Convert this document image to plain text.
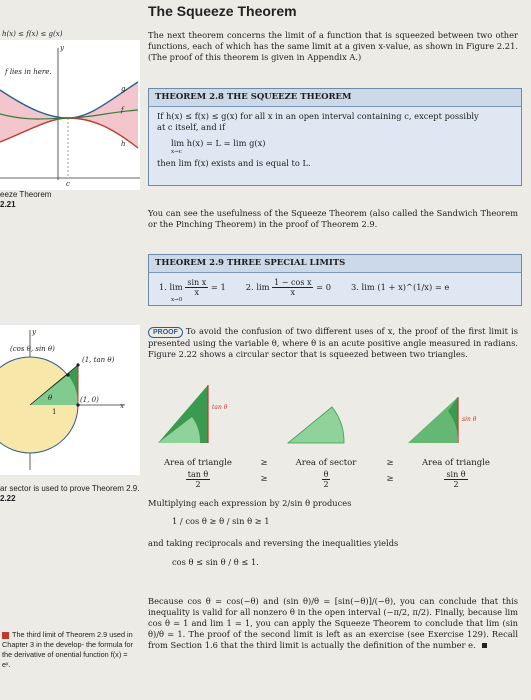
h(x) ≤ f(x) ≤ g(x)
y
f lies in here.
g
f
h
c
eeze Theorem
2.21
y
x
(cos θ, sin θ)
(1, tan θ)
(1, 0)
θ
1
ar sector is used to prove Theorem 2.9.
2.22
The third limit of Theorem 2.9 used in Chapter 3 in the develop- the formula for the derivative of onential function f(x) = eˣ.
The Squeeze Theorem
The next theorem concerns the limit of a function that is squeezed between two other functions, each of which has the same limit at a given x-value, as shown in Figure 2.21. (The proof of this theorem is given in Appendix A.)
THEOREM 2.8 THE SQUEEZE THEOREM
If h(x) ≤ f(x) ≤ g(x) for all x in an open interval containing c, except possibly
at c itself, and if
lim h(x) = L = lim g(x)
x→c
then lim f(x) exists and is equal to L.
You can see the usefulness of the Squeeze Theorem (also called the Sandwich Theorem or the Pinching Theorem) in the proof of Theorem 2.9.
THEOREM 2.9 THREE SPECIAL LIMITS
1. $\lim \frac{\text{sin x}}{x} = 1$ 2. $\lim \frac{\text{1 − cos x}}{x} = 0$ 3. lim (1 + x)^(1/x) = e
x→0
PROOF To avoid the confusion of two different uses of x, the proof of the first limit is presented using the variable θ, where θ is an acute positive angle measured in radians. Figure 2.22 shows a circular sector that is squeezed between two triangles.
tan θ
sin θ
Area of triangle	≥	Area of sector	≥	Area of triangle
$\frac{\text{tan θ}}{2}$	≥	$\frac{\theta}{2}$	≥	$\frac{\text{sin θ}}{2}$
Multiplying each expression by 2/sin θ produces
1 / cos θ ≥ θ / sin θ ≥ 1
and taking reciprocals and reversing the inequalities yields
cos θ ≤ sin θ / θ ≤ 1.
Because cos θ = cos(−θ) and (sin θ)/θ = [sin(−θ)]/(−θ), you can conclude that this inequality is valid for all nonzero θ in the open interval (−π/2, π/2). Finally, because lim cos θ = 1 and lim 1 = 1, you can apply the Squeeze Theorem to conclude that lim (sin θ)/θ = 1. The proof of the second limit is left as an exercise (see Exercise 129). Recall from Section 1.6 that the third limit is actually the definition of the number e.
